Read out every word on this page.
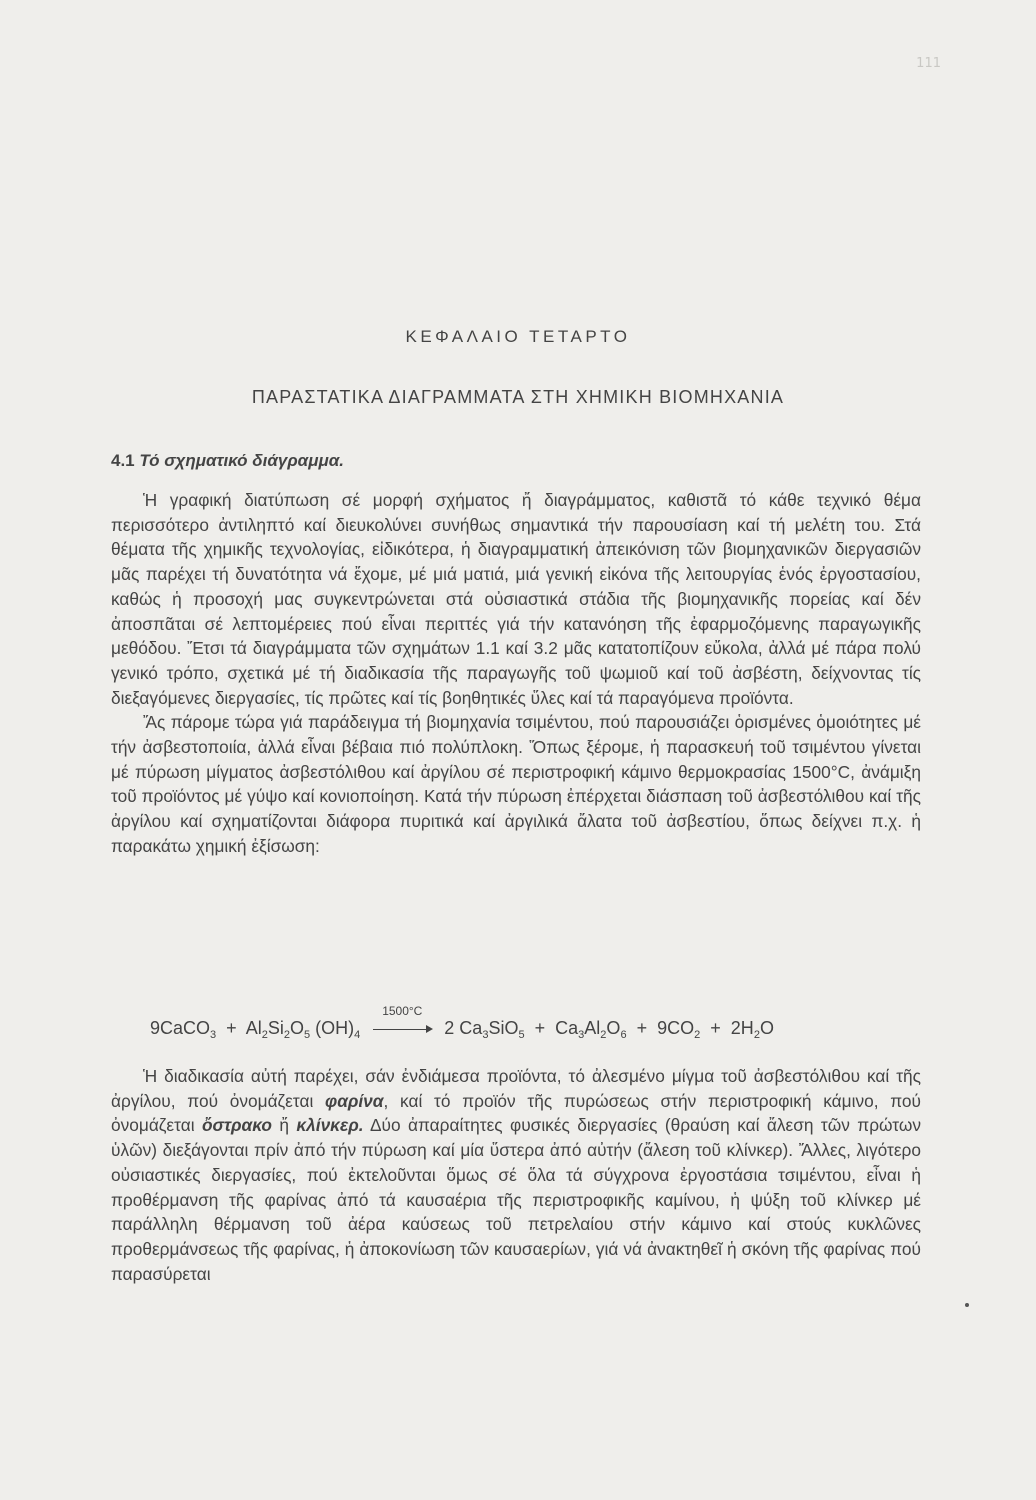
111
ΚΕΦΑΛΑΙΟ ΤΕΤΑΡΤΟ
ΠΑΡΑΣΤΑΤΙΚΑ ΔΙΑΓΡΑΜΜΑΤΑ ΣΤΗ ΧΗΜΙΚΗ ΒΙΟΜΗΧΑΝΙΑ
4.1 Τό σχηματικό διάγραμμα.

Ἡ γραφική διατύπωση σέ μορφή σχήματος ἤ διαγράμματος, καθιστᾶ τό κάθε τεχνικό θέμα περισσότερο ἀντιληπτό καί διευκολύνει συνήθως σημαντικά τήν παρουσίαση καί τή μελέτη του. Στά θέματα τῆς χημικῆς τεχνολογίας, εἰδικότερα, ἡ διαγραμματική ἀπεικόνιση τῶν βιομηχανικῶν διεργασιῶν μᾶς παρέχει τή δυνατότητα νά ἔχομε, μέ μιά ματιά, μιά γενική εἰκόνα τῆς λειτουργίας ἑνός ἐργοστασίου, καθώς ἡ προσοχή μας συγκεντρώνεται στά οὐσιαστικά στάδια τῆς βιομηχανικῆς πορείας καί δέν ἀποσπᾶται σέ λεπτομέρειες πού εἶναι περιττές γιά τήν κατανόηση τῆς ἐφαρμοζόμενης παραγωγικῆς μεθόδου. Ἔτσι τά διαγράμματα τῶν σχημάτων 1.1 καί 3.2 μᾶς κατατοπίζουν εὔκολα, ἀλλά μέ πάρα πολύ γενικό τρόπο, σχετικά μέ τή διαδικασία τῆς παραγωγῆς τοῦ ψωμιοῦ καί τοῦ ἀσβέστη, δείχνοντας τίς διεξαγόμενες διεργασίες, τίς πρῶτες καί τίς βοηθητικές ὕλες καί τά παραγόμενα προϊόντα.

Ἄς πάρομε τώρα γιά παράδειγμα τή βιομηχανία τσιμέντου, πού παρουσιάζει ὁρισμένες ὁμοιότητες μέ τήν ἀσβεστοποιία, ἀλλά εἶναι βέβαια πιό πολύπλοκη. Ὅπως ξέρομε, ἡ παρασκευή τοῦ τσιμέντου γίνεται μέ πύρωση μίγματος ἀσβεστόλιθου καί ἀργίλου σέ περιστροφική κάμινο θερμοκρασίας 1500°C, ἀνάμιξη τοῦ προϊόντος μέ γύψο καί κονιοποίηση. Κατά τήν πύρωση ἐπέρχεται διάσπαση τοῦ ἀσβεστόλιθου καί τῆς ἀργίλου καί σχηματίζονται διάφορα πυριτικά καί ἀργιλικά ἄλατα τοῦ ἀσβεστίου, ὅπως δείχνει π.χ. ἡ παρακάτω χημική ἐξίσωση:

9CaCO$_3$ + $Al_2Si_2O_5$ $(OH)_4$
1500°C
2 $Ca_3SiO_5 + Ca_3Al_2O_6 + 9CO_2 + 2H_2O$

Ἡ διαδικασία αὐτή παρέχει, σάν ἐνδιάμεσα προϊόντα, τό ἀλεσμένο μίγμα τοῦ ἀσβεστόλιθου καί τῆς ἀργίλου, πού ὀνομάζεται φαρίνα, καί τό προϊόν τῆς πυρώσεως στήν περιστροφική κάμινο, πού ὀνομάζεται ὄστρακο ἤ κλίνκερ. Δύο ἀπαραίτητες φυσικές διεργασίες (θραύση καί ἄλεση τῶν πρώτων ὑλῶν) διεξάγονται πρίν ἀπό τήν πύρωση καί μία ὕστερα ἀπό αὐτήν (ἄλεση τοῦ κλίνκερ). Ἄλλες, λιγότερο οὐσιαστικές διεργασίες, πού ἐκτελοῦνται ὅμως σέ ὅλα τά σύγχρονα ἐργοστάσια τσιμέντου, εἶναι ἡ προθέρμανση τῆς φαρίνας ἀπό τά καυσαέρια τῆς περιστροφικῆς καμίνου, ἡ ψύξη τοῦ κλίνκερ μέ παράλληλη θέρμανση τοῦ ἀέρα καύσεως τοῦ πετρελαίου στήν κάμινο καί στούς κυκλῶνες προθερμάνσεως τῆς φαρίνας, ἡ ἀποκονίωση τῶν καυσαερίων, γιά νά ἀνακτηθεῖ ἡ σκόνη τῆς φαρίνας πού παρασύρεται
